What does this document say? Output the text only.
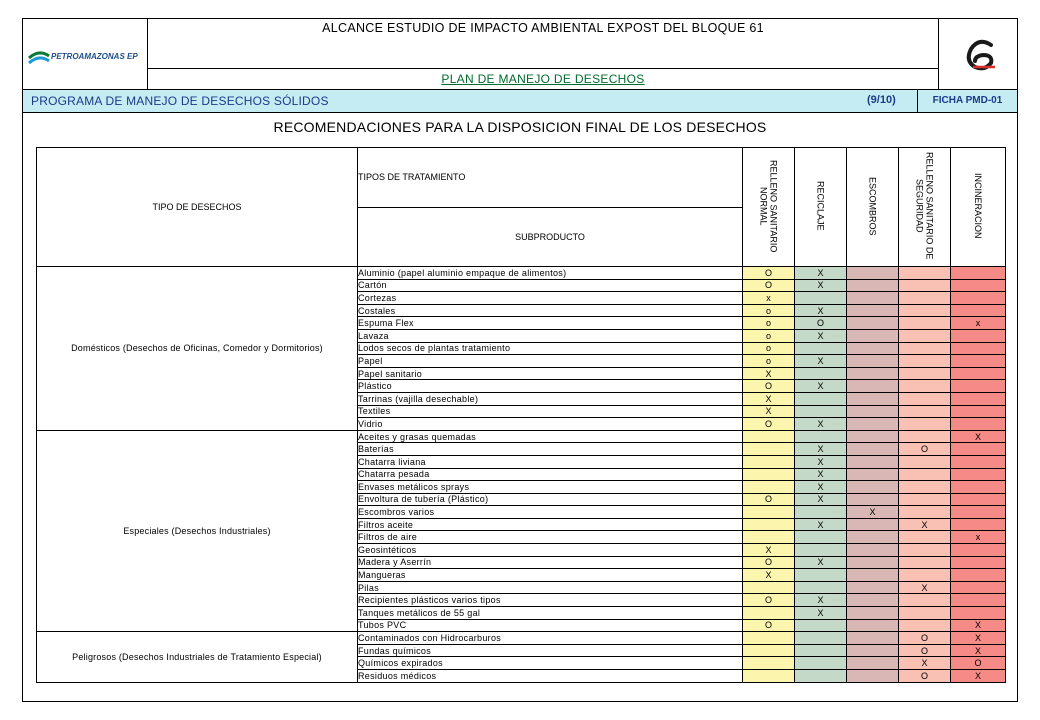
PETROAMAZONAS EP
ALCANCE ESTUDIO DE IMPACTO AMBIENTAL EXPOST DEL BLOQUE 61
PLAN DE MANEJO DE DESECHOS
PROGRAMA DE MANEJO DE DESECHOS SÓLIDOS	(9/10)	FICHA PMD-01
RECOMENDACIONES PARA LA DISPOSICION FINAL DE LOS DESECHOS
TIPO DE DESECHOS	TIPOS DE TRATAMIENTO	RELLENO SANITARIO NORMAL	RECICLAJE	ESCOMBROS	RELLENO SANITARIO DE SEGURIDAD	INCINERACION
	SUBPRODUCTO					
Domésticos (Desechos de Oficinas, Comedor y Dormitorios)	Aluminio (papel aluminio empaque de alimentos)	O	X			
	Cartón	O	X			
	Cortezas	x				
	Costales	o	X			
	Espuma Flex	o	O			x
	Lavaza	o	X			
	Lodos secos de plantas tratamiento	o				
	Papel	o	X			
	Papel sanitario	X				
	Plástico	O	X			
	Tarrinas (vajilla desechable)	X				
	Textiles	X				
	Vidrio	O	X			
Especiales (Desechos Industriales)	Aceites y grasas quemadas					X
	Baterías		X		O	
	Chatarra liviana		X			
	Chatarra pesada		X			
	Envases metálicos sprays		X			
	Envoltura de tubería (Plástico)	O	X			
	Escombros varios			X		
	Filtros aceite		X		X	
	Filtros de aire					x
	Geosintéticos	X				
	Madera y Aserrín	O	X			
	Mangueras	X				
	Pilas				X	
	Recipientes plásticos varios tipos	O	X			
	Tanques metálicos de 55 gal		X			
	Tubos PVC	O				X
Peligrosos (Desechos Industriales de Tratamiento Especial)	Contaminados con Hidrocarburos				O	X
	Fundas químicos				O	X
	Químicos expirados				X	O
	Residuos médicos				O	X
